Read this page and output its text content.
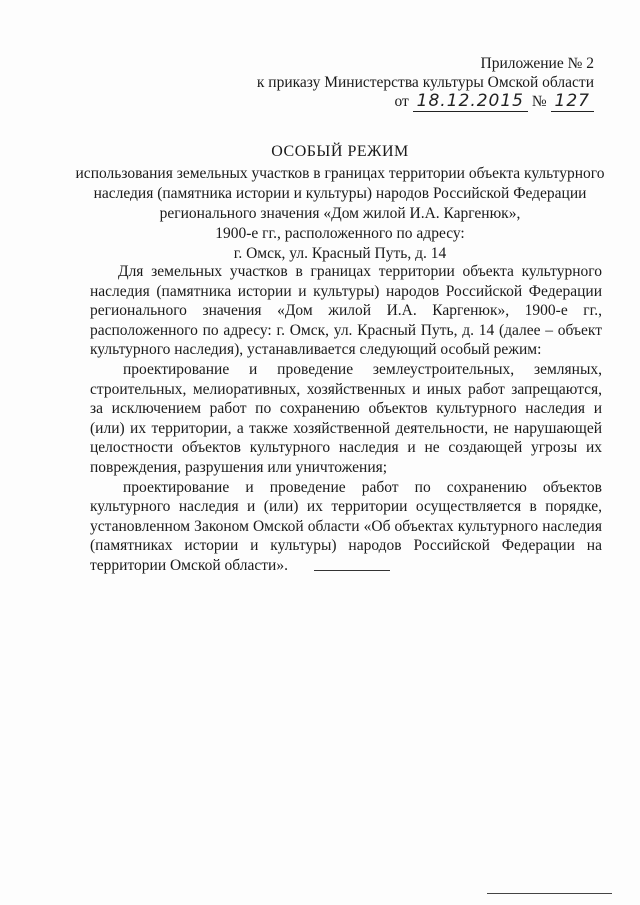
Приложение № 2
к приказу Министерства культуры Омской области
от 18.12.2015 № 127
ОСОБЫЙ РЕЖИМ
использования земельных участков в границах территории объекта культурного
наследия (памятника истории и культуры) народов Российской Федерации
регионального значения «Дом жилой И.А. Каргенюк»,
1900-е гг., расположенного по адресу:
г. Омск, ул. Красный Путь, д. 14

Для земельных участков в границах территории объекта культурного наследия (памятника истории и культуры) народов Российской Федерации регионального значения «Дом жилой И.А. Каргенюк», 1900-е гг., расположенного по адресу: г. Омск, ул. Красный Путь, д. 14 (далее – объект культурного наследия), устанавливается следующий особый режим:

проектирование и проведение землеустроительных, земляных, строительных, мелиоративных, хозяйственных и иных работ запрещаются, за исключением работ по сохранению объектов культурного наследия и (или) их территории, а также хозяйственной деятельности, не нарушающей целостности объектов культурного наследия и не создающей угрозы их повреждения, разрушения или уничтожения;

проектирование и проведение работ по сохранению объектов культурного наследия и (или) их территории осуществляется в порядке, установленном Законом Омской области «Об объектах культурного наследия (памятниках истории и культуры) народов Российской Федерации на территории Омской области».
